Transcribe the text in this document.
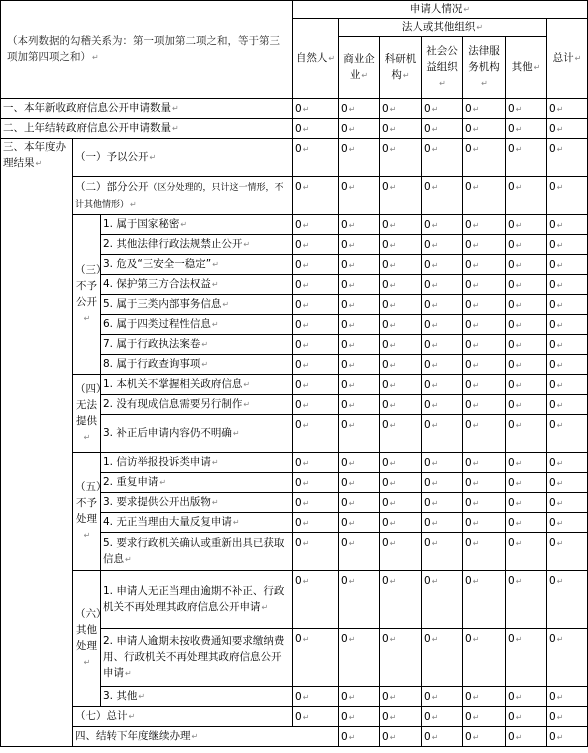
（本列数据的勾稽关系为：第一项加第二项之和，等于第三项加第四项之和）↵			申请人情况↵							
			自然人↵	法人或其他组织↵					总计↵	
				商业企业↵	科研机构↵	社会公益组织↵	法律服务机构↵	其他↵		
一、本年新收政府信息公开申请数量↵			0↵	0↵	0↵	0↵	0↵	0↵	0↵	
二、上年结转政府信息公开申请数量↵			0↵	0↵	0↵	0↵	0↵	0↵	0↵	
三、本年度办理结果↵	（一）予以公开↵		0↵	0↵	0↵	0↵	0↵	0↵	0↵	
	（二）部分公开（区分处理的，只计这一情形，不计其他情形）↵		0↵	0↵	0↵	0↵	0↵	0↵	0↵	
	（三）不予公开↵	1. 属于国家秘密↵	0↵	0↵	0↵	0↵	0↵	0↵	0↵	
		2. 其他法律行政法规禁止公开↵	0↵	0↵	0↵	0↵	0↵	0↵	0↵	
		3. 危及“三安全一稳定”↵	0↵	0↵	0↵	0↵	0↵	0↵	0↵	
		4. 保护第三方合法权益↵	0↵	0↵	0↵	0↵	0↵	0↵	0↵	
		5. 属于三类内部事务信息↵	0↵	0↵	0↵	0↵	0↵	0↵	0↵	
		6. 属于四类过程性信息↵	0↵	0↵	0↵	0↵	0↵	0↵	0↵	
		7. 属于行政执法案卷↵	0↵	0↵	0↵	0↵	0↵	0↵	0↵	
		8. 属于行政查询事项↵	0↵	0↵	0↵	0↵	0↵	0↵	0↵	
	（四）无法提供↵	1. 本机关不掌握相关政府信息↵	0↵	0↵	0↵	0↵	0↵	0↵	0↵	
		2. 没有现成信息需要另行制作↵	0↵	0↵	0↵	0↵	0↵	0↵	0↵	
		3. 补正后申请内容仍不明确↵	0↵	0↵	0↵	0↵	0↵	0↵	0↵	
	（五）不予处理↵	1. 信访举报投诉类申请↵	0↵	0↵	0↵	0↵	0↵	0↵	0↵	
		2. 重复申请↵	0↵	0↵	0↵	0↵	0↵	0↵	0↵	
		3. 要求提供公开出版物↵	0↵	0↵	0↵	0↵	0↵	0↵	0↵	
		4. 无正当理由大量反复申请↵	0↵	0↵	0↵	0↵	0↵	0↵	0↵	
		5. 要求行政机关确认或重新出具已获取信息↵	0↵	0↵	0↵	0↵	0↵	0↵	0↵	
	（六）其他处理↵	1. 申请人无正当理由逾期不补正、行政机关不再处理其政府信息公开申请↵	0↵	0↵	0↵	0↵	0↵	0↵	0↵	
		2. 申请人逾期未按收费通知要求缴纳费用、行政机关不再处理其政府信息公开申请↵	0↵	0↵	0↵	0↵	0↵	0↵	0↵	
		3. 其他↵	0↵	0↵	0↵	0↵	0↵	0↵	0↵	
	（七）总计↵		0↵	0↵	0↵	0↵	0↵	0↵	0↵	
	四、结转下年度继续办理↵			0↵	0↵	0↵	0↵	0↵	0↵	
